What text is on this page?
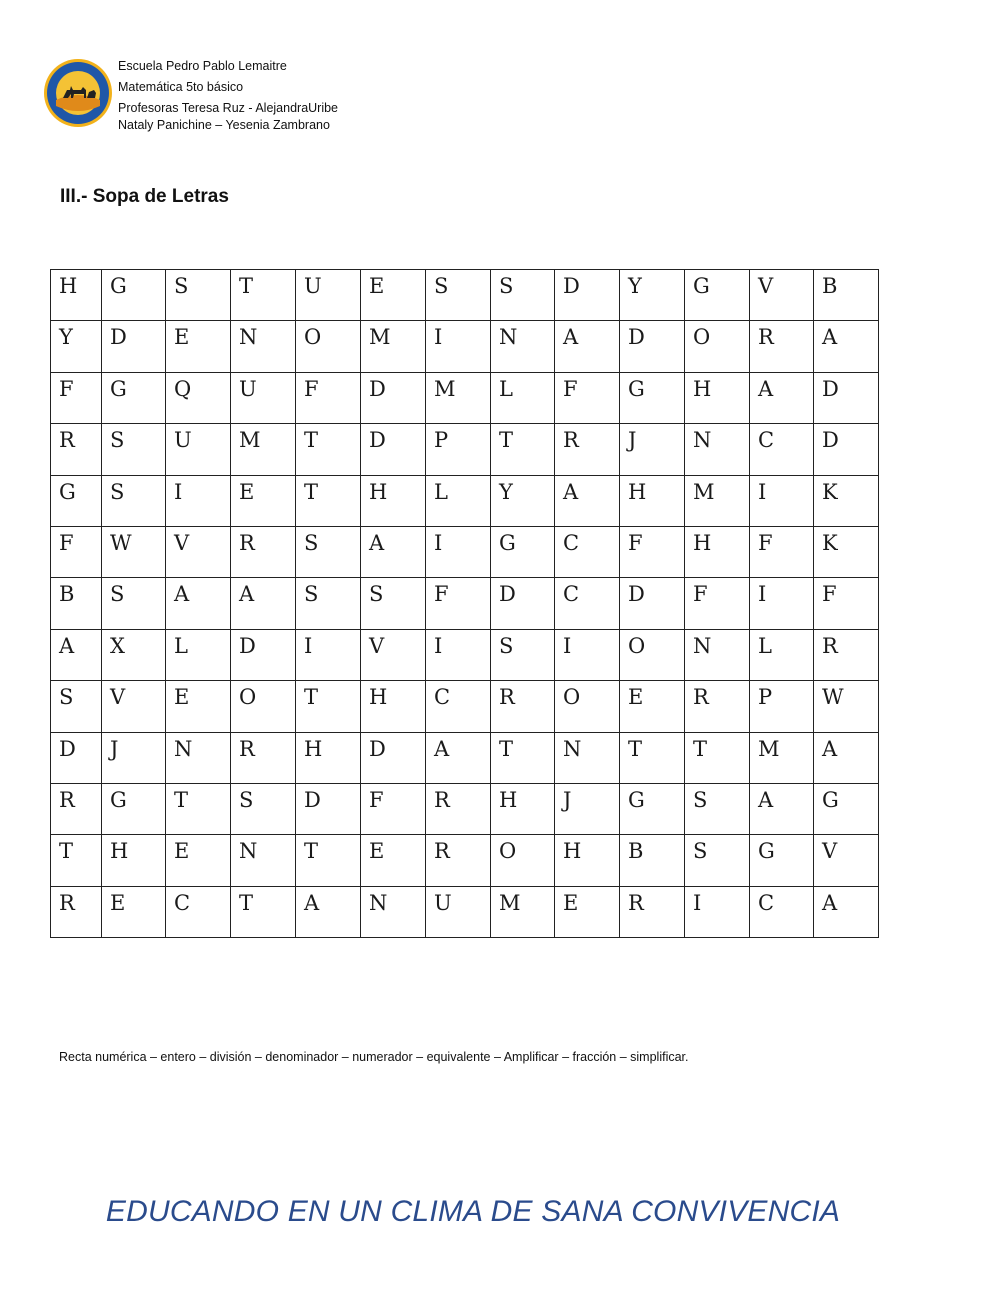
Escuela Pedro Pablo Lemaitre
Matemática 5to básico
Profesoras Teresa Ruz - AlejandraUribe
Nataly Panichine – Yesenia Zambrano
III.- Sopa de Letras
H	G	S	T	U	E	S	S	D	Y	G	V	B
Y	D	E	N	O	M	I	N	A	D	O	R	A
F	G	Q	U	F	D	M	L	F	G	H	A	D
R	S	U	M	T	D	P	T	R	J	N	C	D
G	S	I	E	T	H	L	Y	A	H	M	I	K
F	W	V	R	S	A	I	G	C	F	H	F	K
B	S	A	A	S	S	F	D	C	D	F	I	F
A	X	L	D	I	V	I	S	I	O	N	L	R
S	V	E	O	T	H	C	R	O	E	R	P	W
D	J	N	R	H	D	A	T	N	T	T	M	A
R	G	T	S	D	F	R	H	J	G	S	A	G
T	H	E	N	T	E	R	O	H	B	S	G	V
R	E	C	T	A	N	U	M	E	R	I	C	A
Recta numérica – entero – división – denominador – numerador – equivalente – Amplificar – fracción – simplificar.
EDUCANDO EN UN CLIMA DE SANA CONVIVENCIA
